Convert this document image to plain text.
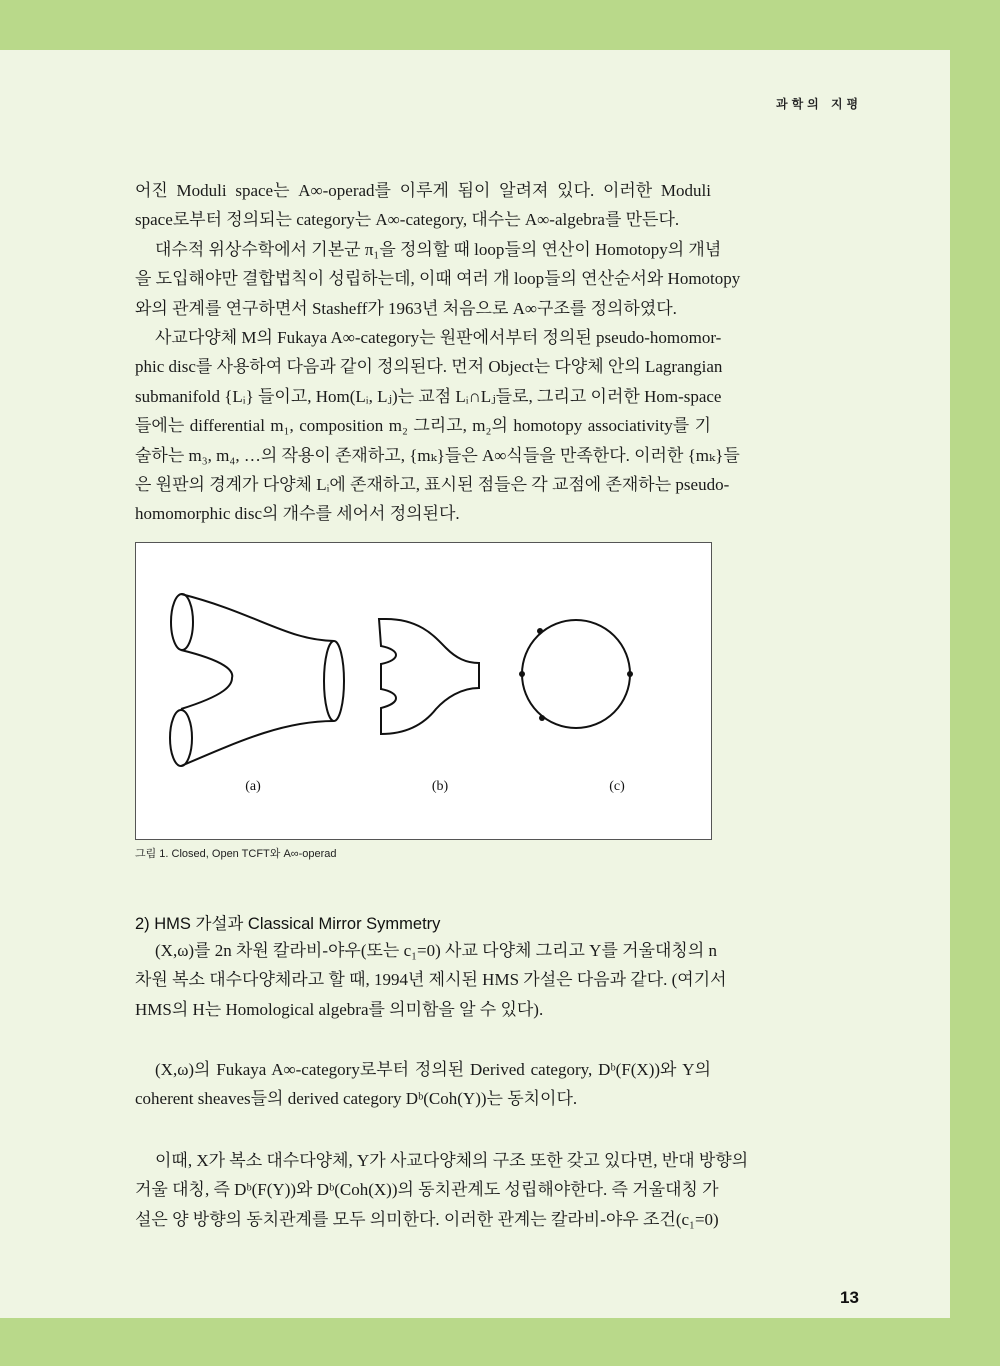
과학의 지평
어진 Moduli space는 A∞-operad를 이루게 됨이 알려져 있다. 이러한 Moduli
space로부터 정의되는 category는 A∞-category, 대수는 A∞-algebra를 만든다.
대수적 위상수학에서 기본군 π₁을 정의할 때 loop들의 연산이 Homotopy의 개념
을 도입해야만 결합법칙이 성립하는데, 이때 여러 개 loop들의 연산순서와 Homotopy
와의 관계를 연구하면서 Stasheff가 1963년 처음으로 A∞구조를 정의하였다.
사교다양체 M의 Fukaya A∞-category는 원판에서부터 정의된 pseudo-homomor-
phic disc를 사용하여 다음과 같이 정의된다. 먼저 Object는 다양체 안의 Lagrangian
submanifold {Lᵢ} 들이고, Hom(Lᵢ, Lⱼ)는 교점 Lᵢ∩Lⱼ들로, 그리고 이러한 Hom-space
들에는 differential m₁, composition m₂ 그리고, m₂의 homotopy associativity를 기
술하는 m₃, m₄, …의 작용이 존재하고, {mₖ}들은 A∞식들을 만족한다. 이러한 {mₖ}들
은 원판의 경계가 다양체 Lᵢ에 존재하고, 표시된 점들은 각 교점에 존재하는 pseudo-
homomorphic disc의 개수를 세어서 정의된다.
(a)	(b)	(c)
그림 1. Closed, Open TCFT와 A∞-operad
2) HMS 가설과 Classical Mirror Symmetry
(X,ω)를 2n 차원 칼라비-야우(또는 c₁=0) 사교 다양체 그리고 Y를 거울대칭의 n
차원 복소 대수다양체라고 할 때, 1994년 제시된 HMS 가설은 다음과 같다. (여기서
HMS의 H는 Homological algebra를 의미함을 알 수 있다).
(X,ω)의 Fukaya A∞-category로부터 정의된 Derived category, Dᵇ(F(X))와 Y의
coherent sheaves들의 derived category Dᵇ(Coh(Y))는 동치이다.
이때, X가 복소 대수다양체, Y가 사교다양체의 구조 또한 갖고 있다면, 반대 방향의
거울 대칭, 즉 Dᵇ(F(Y))와 Dᵇ(Coh(X))의 동치관계도 성립해야한다. 즉 거울대칭 가
설은 양 방향의 동치관계를 모두 의미한다. 이러한 관계는 칼라비-야우 조건(c₁=0)
13
